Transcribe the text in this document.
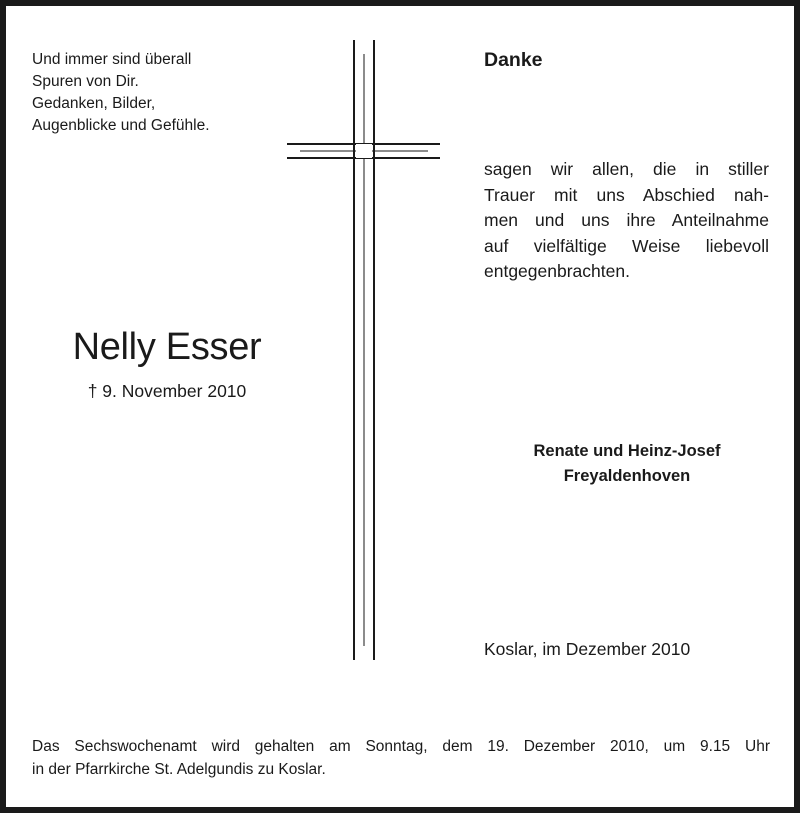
Und immer sind überall
Spuren von Dir.
Gedanken, Bilder,
Augenblicke und Gefühle.
Nelly Esser
† 9. November 2010
Danke
sagen wir allen, die in stiller
Trauer mit uns Abschied nah-
men und uns ihre Anteilnahme
auf vielfältige Weise liebevoll
entgegenbrachten.
Renate und Heinz-Josef
Freyaldenhoven
Koslar, im Dezember 2010
Das Sechswochenamt wird gehalten am Sonntag, dem 19. Dezember 2010, um 9.15 Uhr
in der Pfarrkirche St. Adelgundis zu Koslar.
